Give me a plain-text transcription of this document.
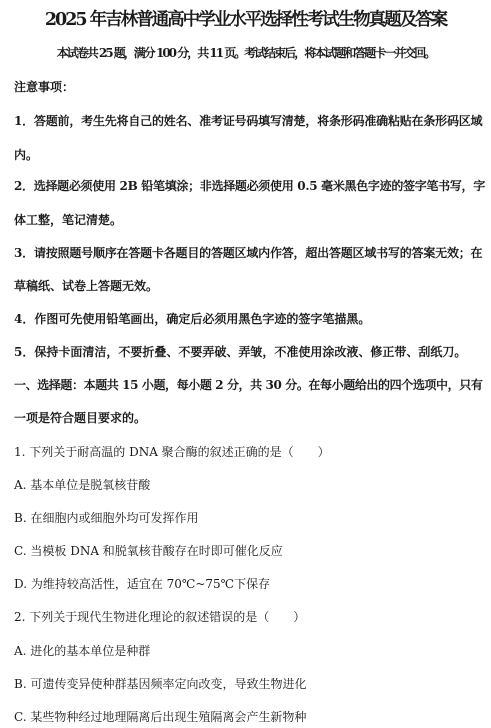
2025 年吉林普通高中学业水平选择性考试生物真题及答案
本试卷共 25 题，满分 100 分，共 11 页。考试结束后，将本试题和答题卡一并交回。
注意事项：
1．答题前，考生先将自己的姓名、准考证号码填写清楚，将条形码准确粘贴在条形码区域
内。
2．选择题必须使用 2B 铅笔填涂；非选择题必须使用 0.5 毫米黑色字迹的签字笔书写，字
体工整，笔记清楚。
3．请按照题号顺序在答题卡各题目的答题区域内作答，超出答题区域书写的答案无效；在
草稿纸、试卷上答题无效。
4．作图可先使用铅笔画出，确定后必须用黑色字迹的签字笔描黑。
5．保持卡面清洁，不要折叠、不要弄破、弄皱，不准使用涂改液、修正带、刮纸刀。
一、选择题：本题共 15 小题，每小题 2 分，共 30 分。在每小题给出的四个选项中，只有
一项是符合题目要求的。
1. 下列关于耐高温的 DNA 聚合酶的叙述正确的是（　　）
A. 基本单位是脱氧核苷酸
B. 在细胞内或细胞外均可发挥作用
C. 当模板 DNA 和脱氧核苷酸存在时即可催化反应
D. 为维持较高活性，适宜在 70℃~75℃下保存
2. 下列关于现代生物进化理论的叙述错误的是（　　）
A. 进化的基本单位是种群
B. 可遗传变异使种群基因频率定向改变，导致生物进化
C. 某些物种经过地理隔离后出现生殖隔离会产生新物种
